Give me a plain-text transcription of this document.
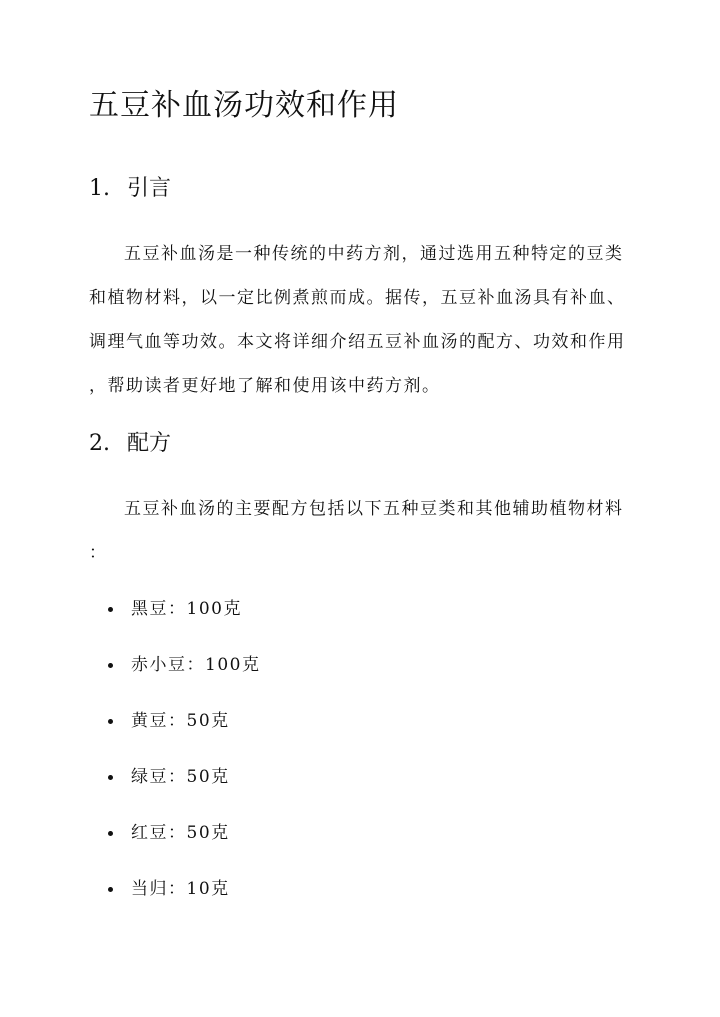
五豆补血汤功效和作用
1. 引言

五豆补血汤是一种传统的中药方剂，通过选用五种特定的豆类
和植物材料，以一定比例煮煎而成。据传，五豆补血汤具有补血、
调理气血等功效。本文将详细介绍五豆补血汤的配方、功效和作用
，帮助读者更好地了解和使用该中药方剂。

2. 配方

五豆补血汤的主要配方包括以下五种豆类和其他辅助植物材料
：

黑豆：100克
赤小豆：100克
黄豆：50克
绿豆：50克
红豆：50克
当归：10克
